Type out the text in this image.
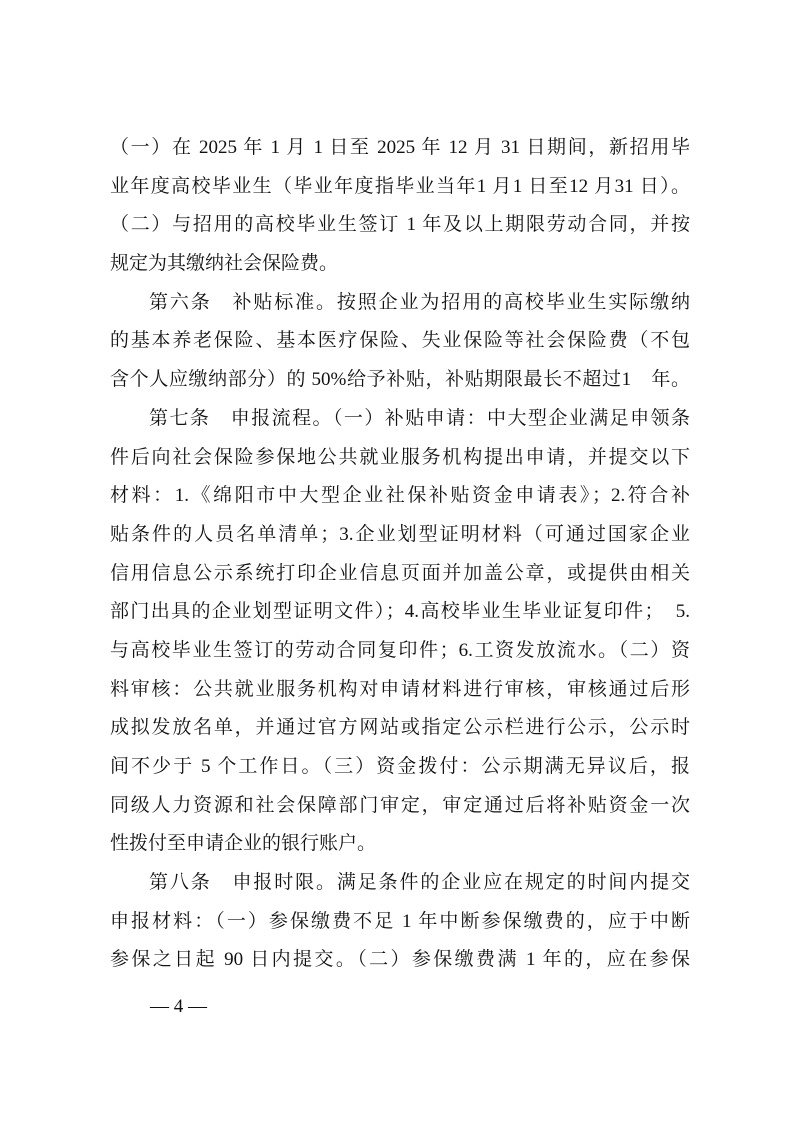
（一）在 2025 年 1 月 1 日至 2025 年 12 月 31 日期间，新招用毕
业年度高校毕业生（毕业年度指毕业当年1 月1 日至12 月31 日）。
（二）与招用的高校毕业生签订 1 年及以上期限劳动合同，并按
规定为其缴纳社会保险费。
第六条　补贴标准。按照企业为招用的高校毕业生实际缴纳
的基本养老保险、基本医疗保险、失业保险等社会保险费（不包
含个人应缴纳部分）的 50%给予补贴，补贴期限最长不超过1　年。
第七条　申报流程。（一）补贴申请：中大型企业满足申领条
件后向社会保险参保地公共就业服务机构提出申请，并提交以下
材料：1.《绵阳市中大型企业社保补贴资金申请表》；2.符合补
贴条件的人员名单清单；3.企业划型证明材料（可通过国家企业
信用信息公示系统打印企业信息页面并加盖公章，或提供由相关
部门出具的企业划型证明文件）；4.高校毕业生毕业证复印件；　5.
与高校毕业生签订的劳动合同复印件；6.工资发放流水。（二）资
料审核：公共就业服务机构对申请材料进行审核，审核通过后形
成拟发放名单，并通过官方网站或指定公示栏进行公示，公示时
间不少于 5 个工作日。（三）资金拨付：公示期满无异议后，报
同级人力资源和社会保障部门审定，审定通过后将补贴资金一次
性拨付至申请企业的银行账户。
第八条　申报时限。满足条件的企业应在规定的时间内提交
申报材料：（一）参保缴费不足 1 年中断参保缴费的，应于中断
参保之日起 90 日内提交。（二）参保缴费满 1 年的，应在参保
— 4 —
